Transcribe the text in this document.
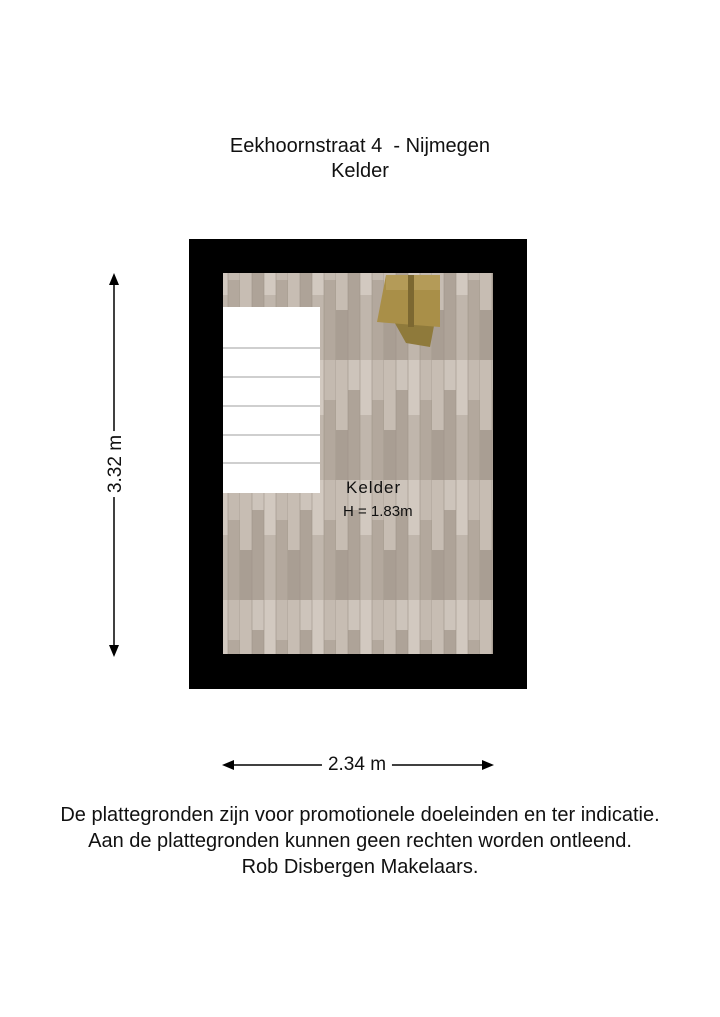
Eekhoornstraat 4  - Nijmegen
Kelder
Kelder
H = 1.83m
3.32 m
2.34 m
De plattegronden zijn voor promotionele doeleinden en ter indicatie.
Aan de plattegronden kunnen geen rechten worden ontleend.
Rob Disbergen Makelaars.
